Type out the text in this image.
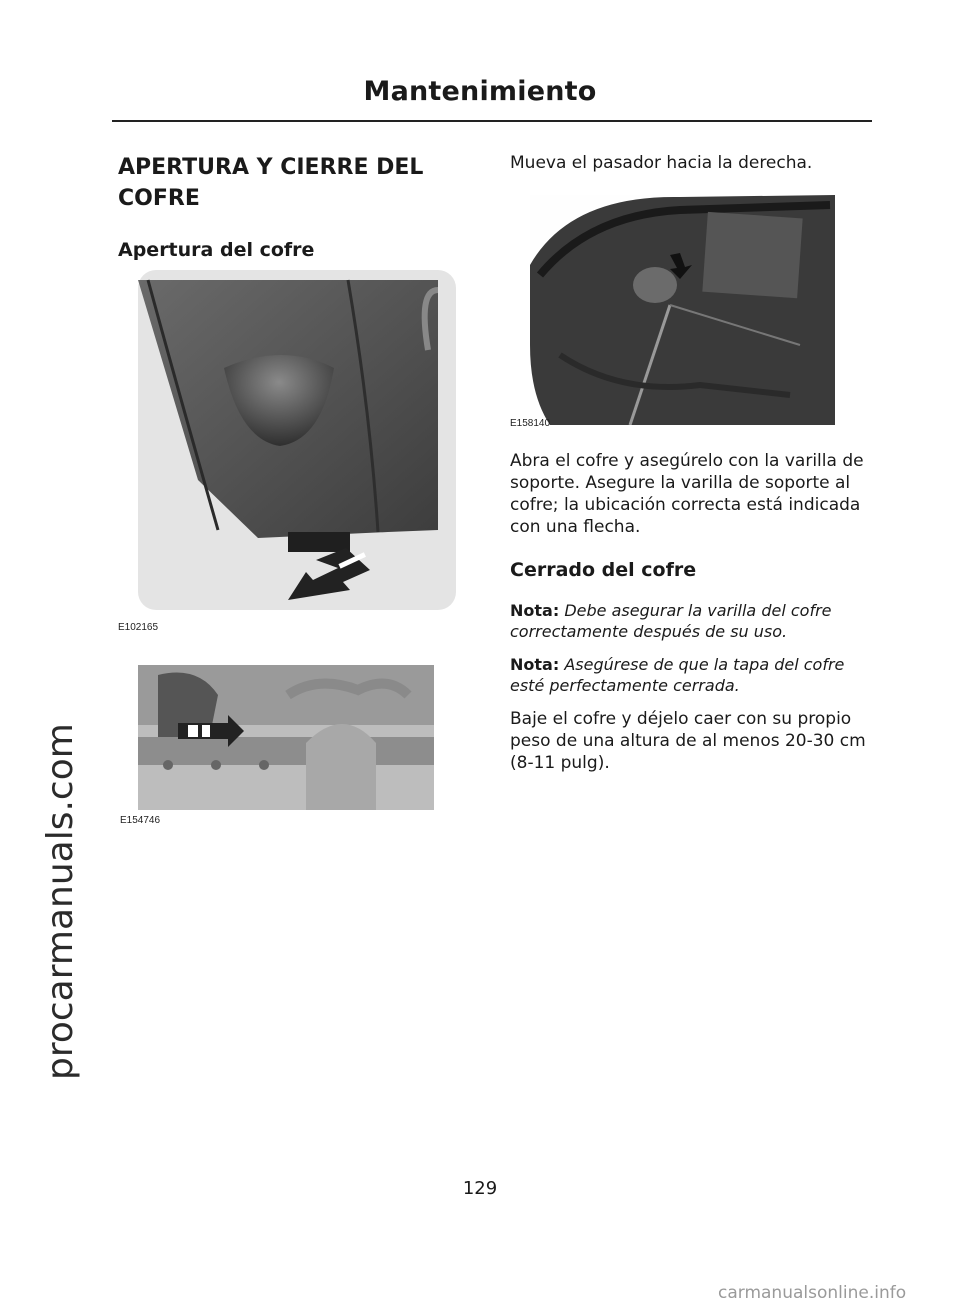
Mantenimiento
procarmanuals.com
APERTURA Y CIERRE DEL COFRE
Apertura del cofre
E102165
E154746

Mueva el pasador hacia la derecha.

E158140

Abra el cofre y asegúrelo con la varilla de soporte. Asegure la varilla de soporte al cofre; la ubicación correcta está indicada con una flecha.

Cerrado del cofre

Nota: Debe asegurar la varilla del cofre correctamente después de su uso.

Nota: Asegúrese de que la tapa del cofre esté perfectamente cerrada.

Baje el cofre y déjelo caer con su propio peso de una altura de al menos 20-30 cm (8-11 pulg).

129
carmanualsonline.info
